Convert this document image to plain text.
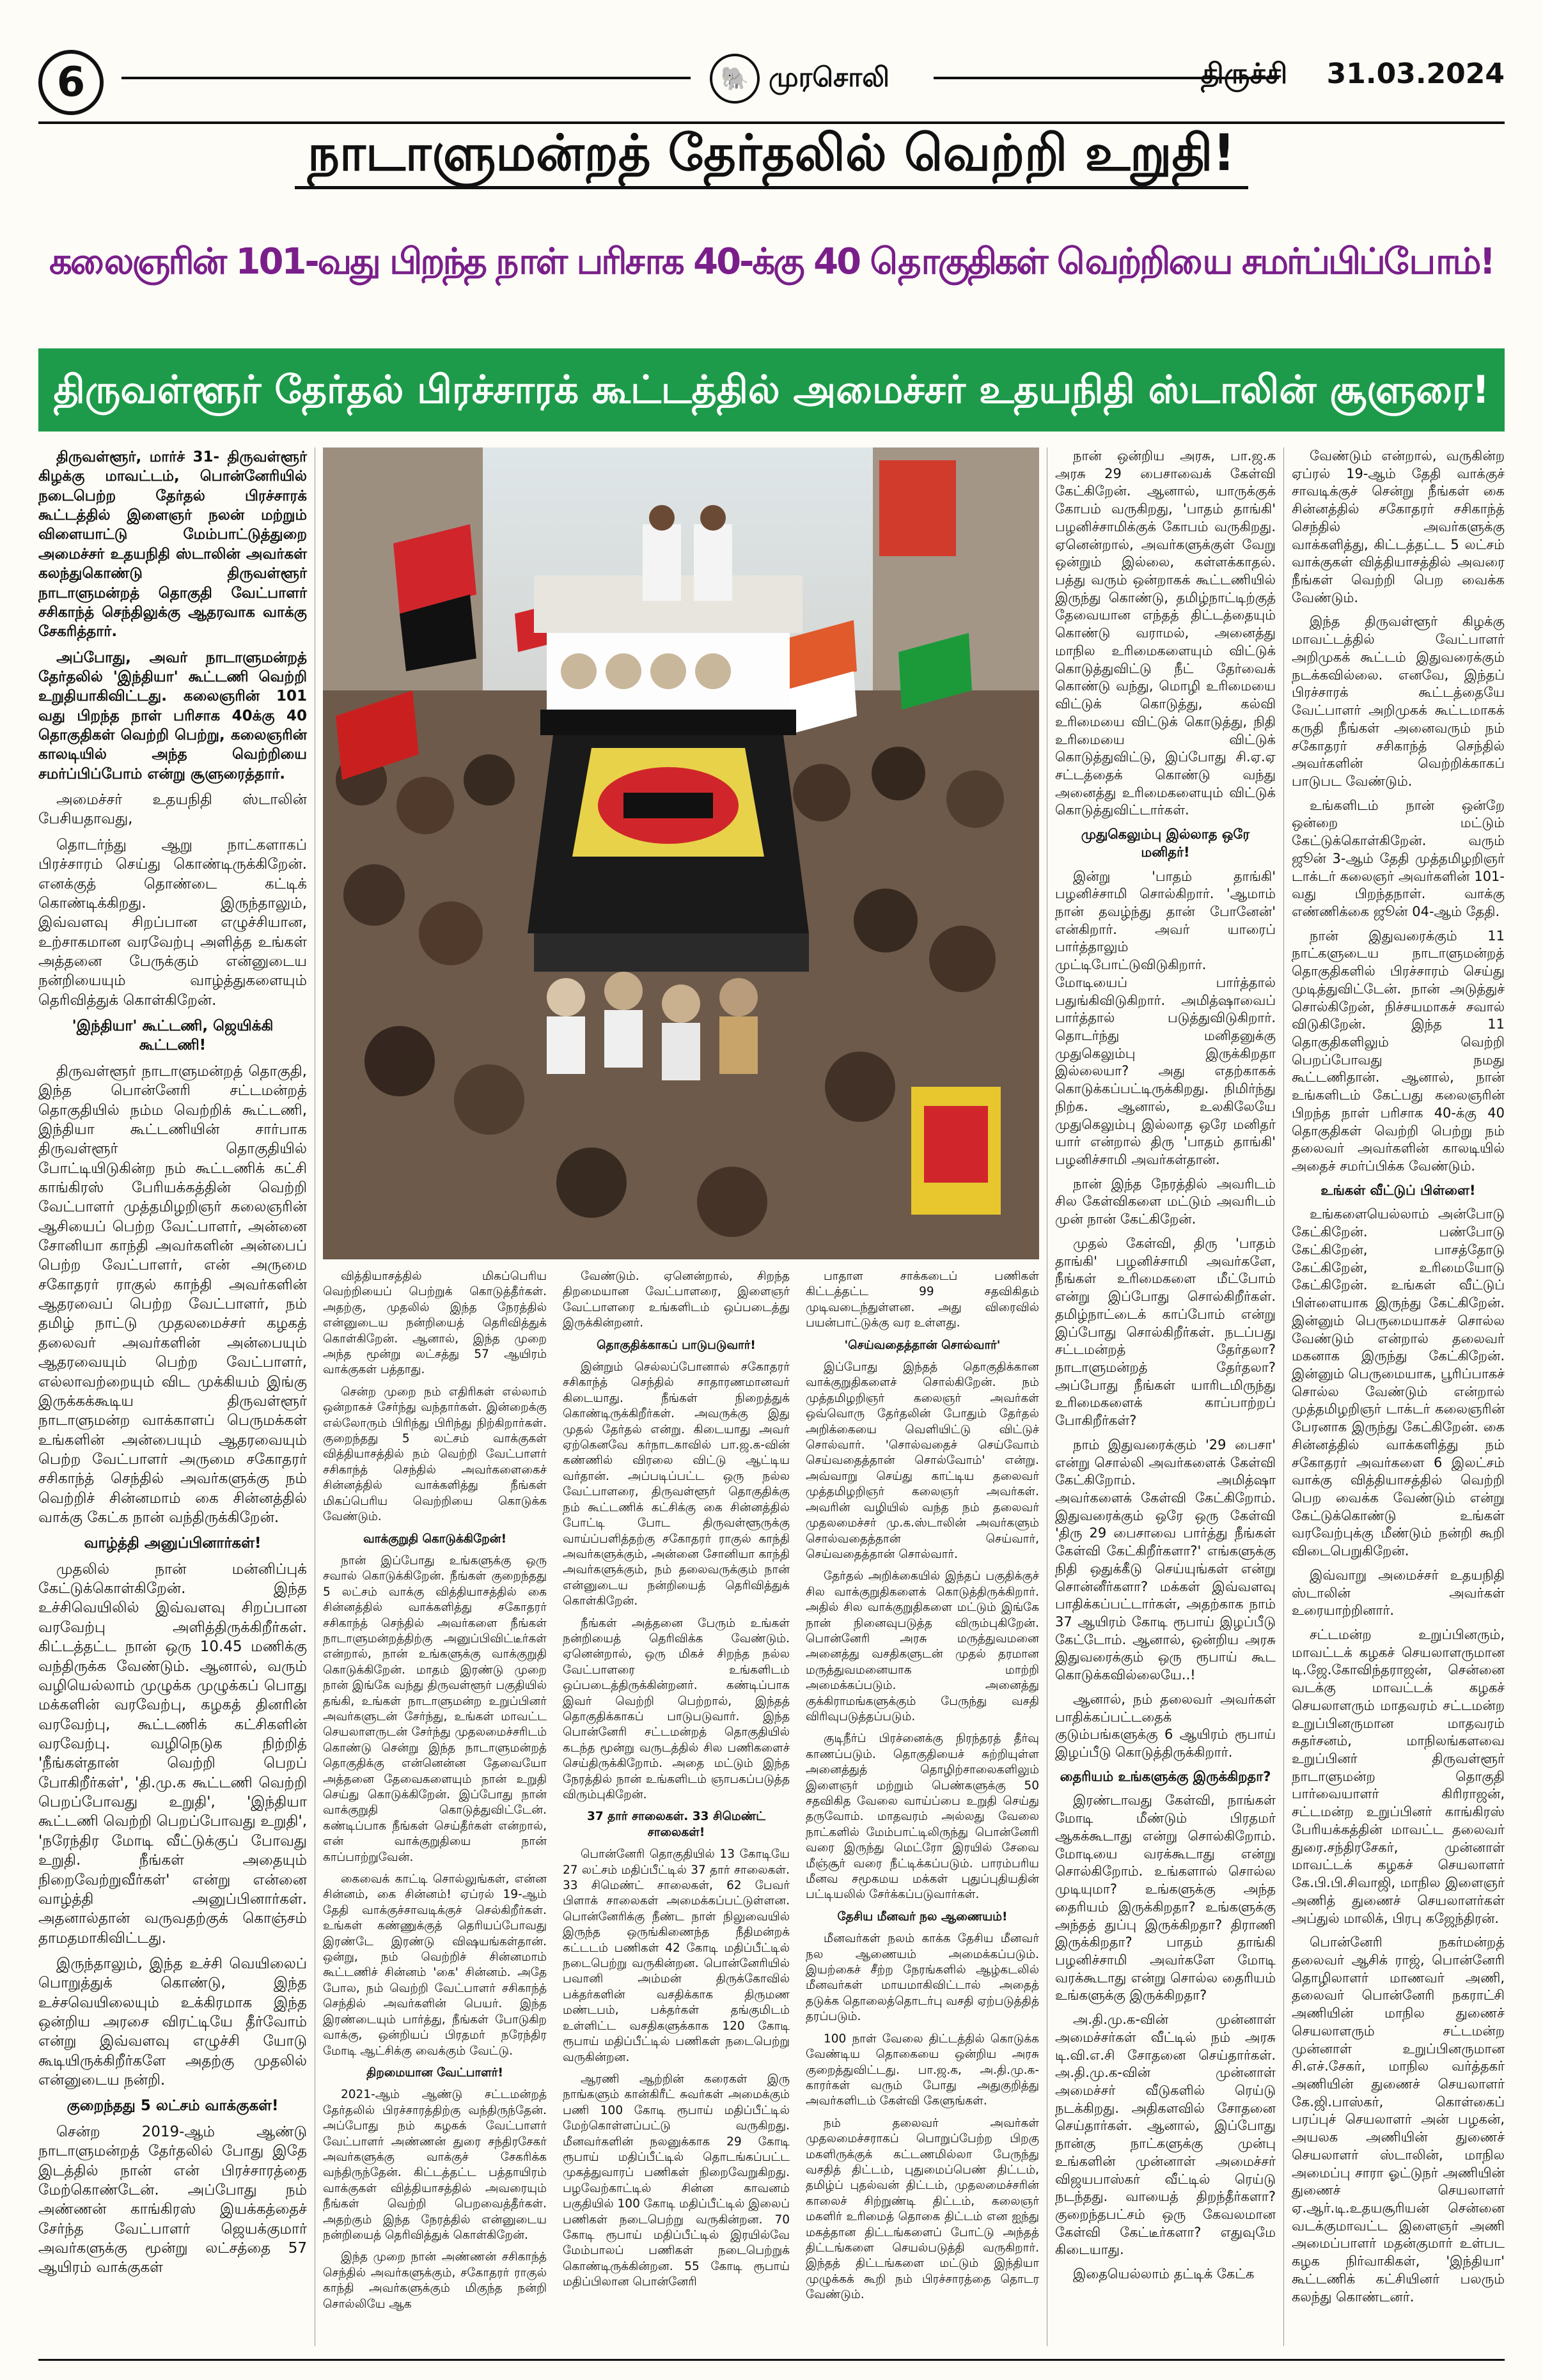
6	🐘 முரசொலி	திருச்சி 31.03.2024
நாடாளுமன்றத் தேர்தலில் வெற்றி உறுதி!
கலைஞரின் 101-வது பிறந்த நாள் பரிசாக 40-க்கு 40 தொகுதிகள் வெற்றியை சமர்ப்பிப்போம்!
திருவள்ளூர் தேர்தல் பிரச்சாரக் கூட்டத்தில் அமைச்சர் உதயநிதி ஸ்டாலின் சூளுரை!

திருவள்ளூர், மார்ச் 31- திருவள்ளூர் கிழக்கு மாவட்டம், பொன்னேரியில் நடைபெற்ற தேர்தல் பிரச்சாரக் கூட்டத்தில் இளைஞர் நலன் மற்றும் விளையாட்டு மேம்பாட்டுத்துறை அமைச்சர் உதயநிதி ஸ்டாலின் அவர்கள் கலந்துகொண்டு திருவள்ளூர் நாடாளுமன்றத் தொகுதி வேட்பாளர் சசிகாந்த் செந்திலுக்கு ஆதரவாக வாக்கு சேகரித்தார்.

அப்போது, அவர் நாடாளுமன்றத் தேர்தலில் 'இந்தியா' கூட்டணி வெற்றி உறுதியாகிவிட்டது. கலைஞரின் 101 வது பிறந்த நாள் பரிசாக 40க்கு 40 தொகுதிகள் வெற்றி பெற்று, கலைஞரின் காலடியில் அந்த வெற்றியை சமர்ப்பிப்போம் என்று சூளுரைத்தார்.

அமைச்சர் உதயநிதி ஸ்டாலின் பேசியதாவது,

தொடர்ந்து ஆறு நாட்களாகப் பிரச்சாரம் செய்து கொண்டிருக்கிறேன். எனக்குத் தொண்டை கட்டிக் கொண்டிக்கிறது. இருந்தாலும், இவ்வளவு சிறப்பான எழுச்சியான, உற்சாகமான வரவேற்பு அளித்த உங்கள் அத்தனை பேருக்கும் என்னுடைய நன்றியையும் வாழ்த்துகளையும் தெரிவித்துக் கொள்கிறேன்.

'இந்தியா' கூட்டணி, ஜெயிக்கி கூட்டணி!

திருவள்ளூர் நாடாளுமன்றத் தொகுதி, இந்த பொன்னேரி சட்டமன்றத் தொகுதியில் நம்ம வெற்றிக் கூட்டணி, இந்தியா கூட்டணியின் சார்பாக திருவள்ளூர் தொகுதியில் போட்டியிடுகின்ற நம் கூட்டணிக் கட்சி காங்கிரஸ் பேரியக்கத்தின் வெற்றி வேட்பாளர் முத்தமிழறிஞர் கலைஞரின் ஆசியைப் பெற்ற வேட்பாளர், அன்னை சோனியா காந்தி அவர்களின் அன்பைப் பெற்ற வேட்பாளர், என் அருமை சகோதரர் ராகுல் காந்தி அவர்களின் ஆதரவைப் பெற்ற வேட்பாளர், நம் தமிழ் நாட்டு முதலமைச்சர் கழகத் தலைவர் அவர்களின் அன்பையும் ஆதரவையும் பெற்ற வேட்பாளர், எல்லாவற்றையும் விட முக்கியம் இங்கு இருக்கக்கூடிய திருவள்ளூர் நாடாளுமன்ற வாக்காளப் பெருமக்கள் உங்களின் அன்பையும் ஆதரவையும் பெற்ற வேட்பாளர் அருமை சகோதரர் சசிகாந்த் செந்தில் அவர்களுக்கு நம் வெற்றிச் சின்னமாம் கை சின்னத்தில் வாக்கு கேட்க நான் வந்திருக்கிறேன்.

வாழ்த்தி அனுப்பினார்கள்!

முதலில் நான் மன்னிப்புக் கேட்டுக்கொள்கிறேன். இந்த உச்சிவெயிலில் இவ்வளவு சிறப்பான வரவேற்பு அளித்திருக்கிறீர்கள். கிட்டத்தட்ட நான் ஒரு 10.45 மணிக்கு வந்திருக்க வேண்டும். ஆனால், வரும் வழியெல்லாம் முழுக்க முழுக்கப் பொது மக்களின் வரவேற்பு, கழகத் தினரின் வரவேற்பு, கூட்டணிக் கட்சிகளின் வரவேற்பு. வழிநெடுக நிற்றித் 'நீங்கள்தான் வெற்றி பெறப் போகிறீர்கள்', 'தி.மு.க கூட்டணி வெற்றி பெறப்போவது உறுதி', 'இந்தியா கூட்டணி வெற்றி பெறப்போவது உறுதி', 'நரேந்திர மோடி வீட்டுக்குப் போவது உறுதி. நீங்கள் அதையும் நிறைவேற்றுவீர்கள்' என்று என்னை வாழ்த்தி அனுப்பினார்கள். அதனால்தான் வருவதற்குக் கொஞ்சம் தாமதமாகிவிட்டது.

இருந்தாலும், இந்த உச்சி வெயிலைப் பொறுத்துக் கொண்டு, இந்த உச்சவெயிலையும் உக்கிரமாக இந்த ஒன்றிய அரசை விரட்டியே தீர்வோம் என்று இவ்வளவு எழுச்சி யோடு கூடியிருக்கிறீர்களே அதற்கு முதலில் என்னுடைய நன்றி.

குறைந்தது 5 லட்சம் வாக்குகள்!

சென்ற 2019-ஆம் ஆண்டு நாடாளுமன்றத் தேர்தலில் போது இதே இடத்தில் நான் என் பிரச்சாரத்தை மேற்கொண்டேன். அப்போது நம் அண்ணன் காங்கிரஸ் இயக்கத்தைச் சேர்ந்த வேட்பாளர் ஜெயக்குமார் அவர்களுக்கு மூன்று லட்சத்தை 57 ஆயிரம் வாக்குகள்

வித்தியாசத்தில் மிகப்பெரிய வெற்றியைப் பெற்றுக் கொடுத்தீர்கள். அதற்கு, முதலில் இந்த நேரத்தில் என்னுடைய நன்றியைத் தெரிவித்துக் கொள்கிறேன். ஆனால், இந்த முறை அந்த மூன்று லட்சத்து 57 ஆயிரம் வாக்குகள் பத்தாது.

சென்ற முறை நம் எதிரிகள் எல்லாம் ஒன்றாகச் சேர்ந்து வந்தார்கள். இன்றைக்கு எல்லோரும் பிரிந்து பிரிந்து நிற்கிறார்கள். குறைந்தது 5 லட்சம் வாக்குகள் வித்தியாசத்தில் நம் வெற்றி வேட்பாளர் சசிகாந்த் செந்தில் அவர்களைகைச் சின்னத்தில் வாக்களித்து நீங்கள் மிகப்பெரிய வெற்றியை கொடுக்க வேண்டும்.

வாக்குறுதி கொடுக்கிறேன்!

நான் இப்போது உங்களுக்கு ஒரு சவால் கொடுக்கிறேன். நீங்கள் குறைந்தது 5 லட்சம் வாக்கு வித்தியாசத்தில் கை சின்னத்தில் வாக்களித்து சகோதரர் சசிகாந்த் செந்தில் அவர்களை நீங்கள் நாடாளுமன்றத்திற்கு அனுப்பிவிட்டீர்கள் என்றால், நான் உங்களுக்கு வாக்குறுதி கொடுக்கிறேன். மாதம் இரண்டு முறை நான் இங்கே வந்து திருவள்ளூர் பகுதியில் தங்கி, உங்கள் நாடாளுமன்ற உறுப்பினர் அவர்களுடன் சேர்ந்து, உங்கள் மாவட்ட செயலாளருடன் சேர்ந்து முதலமைச்சரிடம் கொண்டு சென்று இந்த நாடாளுமன்றத் தொகுதிக்கு என்னென்ன தேவையோ அத்தனை தேவைகளையும் நான் உறுதி செய்து கொடுக்கிறேன். இப்போது நான் வாக்குறுதி கொடுத்துவிட்டேன். கண்டிப்பாக நீங்கள் செய்தீர்கள் என்றால், என் வாக்குறுதியை நான் காப்பாற்றுவேன்.

கைவைக் காட்டி சொல்லுங்கள், என்ன சின்னம், கை சின்னம்! ஏப்ரல் 19-ஆம் தேதி வாக்குச்சாவடிக்குச் செல்கிறீர்கள். உங்கள் கண்ணுக்குத் தெரியப்போவது இரண்டே இரண்டு விஷயங்கள்தான். ஒன்று, நம் வெற்றிச் சின்னமாம் கூட்டணிச் சின்னம் 'கை' சின்னம். அதே போல, நம் வெற்றி வேட்பாளர் சசிகாந்த் செந்தில் அவர்களின் பெயர். இந்த இரண்டையும் பார்த்து, நீங்கள் போடுகிற வாக்கு, ஒன்றியப் பிரதமர் நரேந்திர மோடி ஆட்சிக்கு வைக்கும் வேட்டு.

திறமையான வேட்பாளர்!

2021-ஆம் ஆண்டு சட்டமன்றத் தேர்தலில் பிரச்சாரத்திற்கு வந்திருந்தேன். அப்போது நம் கழகக் வேட்பாளர் வேட்பாளர் அண்ணன் துரை சந்திரசேகர் அவர்களுக்கு வாக்குச் சேகரிக்க வந்திருந்தேன். கிட்டத்தட்ட பத்தாயிரம் வாக்குகள் வித்தியாசத்தில் அவரையும் நீங்கள் வெற்றி பெறவைத்தீர்கள். அதற்கும் இந்த நேரத்தில் என்னுடைய நன்றியைத் தெரிவித்துக் கொள்கிறேன்.

இந்த முறை நான் அண்ணன் சசிகாந்த் செந்தில் அவர்களுக்கும், சகோதரர் ராகுல் காந்தி அவர்களுக்கும் மிகுந்த நன்றி சொல்லியே ஆக

வேண்டும். ஏனென்றால், சிறந்த திறமையான வேட்பாளரை, இளைஞர் வேட்பாளரை உங்களிடம் ஒப்படைத்து இருக்கின்றனர்.

தொகுதிக்காகப் பாடுபடுவார்!

இன்றும் செல்லப்போனால் சகோதரர் சசிகாந்த் செந்தில் சாதாரணமானவர் கிடையாது. நீங்கள் நிறைத்துக் கொண்டிருக்கிறீர்கள். அவருக்கு இது முதல் தேர்தல் என்று. கிடையாது அவர் ஏற்கெனவே கர்நாடகாவில் பா.ஜ.க-வின் கண்ணில் விரலை விட்டு ஆட்டிய வர்தான். அப்படிப்பட்ட ஒரு நல்ல வேட்பாளரை, திருவள்ளூர் தொகுதிக்கு நம் கூட்டணிக் கட்சிக்கு கை சின்னத்தில் போட்டி போட திருவள்ளூருக்கு வாய்ப்பளித்தற்கு சகோதரர் ராகுல் காந்தி அவர்களுக்கும், அன்னை சோனியா காந்தி அவர்களுக்கும், நம் தலைவருக்கும் நான் என்னுடைய நன்றியைத் தெரிவித்துக் கொள்கிறேன்.

நீங்கள் அத்தனை பேரும் உங்கள் நன்றியைத் தெரிவிக்க வேண்டும். ஏனென்றால், ஒரு மிகச் சிறந்த நல்ல வேட்பாளரை உங்களிடம் ஒப்படைத்திருக்கின்றனர். கண்டிப்பாக இவர் வெற்றி பெற்றால், இந்தத் தொகுதிக்காகப் பாடுபடுவார். இந்த பொன்னேரி சட்டமன்றத் தொகுதியில் கடந்த மூன்று வருடத்தில் சில பணிகளைச் செய்திருக்கிறோம். அதை மட்டும் இந்த நேரத்தில் நான் உங்களிடம் ஞாபகப்படுத்த விரும்புகிறேன்.

37 தார் சாலைகள். 33 சிமெண்ட் சாலைகள்!

பொன்னேரி தொகுதியில் 13 கோடியே 27 லட்சம் மதிப்பீட்டில் 37 தார் சாலைகள். 33 சிமெண்ட் சாலைகள், 62 பேவர் பிளாக் சாலைகள் அமைக்கப்பட்டுள்ளன. பொன்னேரிக்கு நீண்ட நாள் நிலுவையில் இருந்த ஒருங்கிணைந்த நீதிமன்றக் கட்டடம் பணிகள் 42 கோடி மதிப்பீட்டில் நடைபெற்று வருகின்றன. பொன்னேரியில் பவானி அம்மன் திருக்கோவில் பக்தர்களின் வசதிக்காக திருமண மண்டபம், பக்தர்கள் தங்குமிடம் உள்ளிட்ட வசதிகளுக்காக 120 கோடி ரூபாய் மதிப்பீட்டில் பணிகள் நடைபெற்று வருகின்றன.

ஆரணி ஆற்றின் கரைகள் இரு நாங்களும் கான்கிரீட் சுவர்கள் அமைக்கும் பணி 100 கோடி ரூபாய் மதிப்பீட்டில் மேற்கொள்ளப்பட்டு வருகிறது. மீனவர்களின் நலனுக்காக 29 கோடி ரூபாய் மதிப்பீட்டில் தொடங்கப்பட்ட முகத்துவாரப் பணிகள் நிறைவேறுகிறது. பழவேற்காட்டில் சின்ன காவனம் பகுதியில் 100 கோடி மதிப்பீட்டில் இலைப் பணிகள் நடைபெற்று வருகின்றன. 70 கோடி ரூபாய் மதிப்பீட்டில் இரயில்வே மேம்பாலப் பணிகள் நடைபெற்றுக் கொண்டிருக்கின்றன. 55 கோடி ரூபாய் மதிப்பிலான பொன்னேரி

பாதாள சாக்கடைப் பணிகள் கிட்டத்தட்ட 99 சதவிகிதம் முடிவடைந்துள்ளன. அது விரைவில் பயன்பாட்டுக்கு வர உள்ளது.

'செய்வதைத்தான் சொல்வார்'

இப்போது இந்தத் தொகுதிக்கான வாக்குறுதிகளைச் சொல்கிறேன். நம் முத்தமிழறிஞர் கலைஞர் அவர்கள் ஒவ்வொரு தேர்தலின் போதும் தேர்தல் அறிக்கையை வெளியிட்டு விட்டுச் சொல்வார். 'சொல்வதைச் செய்வோம் செய்வதைத்தான் சொல்வோம்' என்று. அவ்வாறு செய்து காட்டிய தலைவர் முத்தமிழறிஞர் கலைஞர் அவர்கள். அவரின் வழியில் வந்த நம் தலைவர் முதலமைச்சர் மு.க.ஸ்டாலின் அவர்களும் சொல்வதைத்தான் செய்வார், செய்வதைத்தான் சொல்வார்.

தேர்தல் அறிக்கையில் இந்தப் பகுதிக்குச் சில வாக்குறுதிகளைக் கொடுத்திருக்கிறார். அதில் சில வாக்குறுதிகளை மட்டும் இங்கே நான் நினைவுபடுத்த விரும்புகிறேன். பொன்னேரி அரசு மருத்துவமனை அனைத்து வசதிகளுடன் முதல் தரமான மருத்துவமனையாக மாற்றி அமைக்கப்படும். அனைத்து குக்கிராமங்களுக்கும் பேருந்து வசதி விரிவுபடுத்தப்படும்.

குடிநீர்ப் பிரச்னைக்கு நிரந்தரத் தீர்வு காணப்படும். தொகுதியைச் சுற்றியுள்ள அனைத்துத் தொழிற்சாலைகளிலும் இளைஞர் மற்றும் பெண்களுக்கு 50 சதவிகித வேலை வாய்ப்பை உறுதி செய்து தருவோம். மாதவரம் அல்லது வேலை நாட்களில் மேம்பாட்டிலிருந்து பொன்னேரி வரை இருந்து மெட்ரோ இரயில் சேவை மீஞ்சூர் வரை நீட்டிக்கப்படும். பாரம்பரிய மீனவ சமூகமய மக்கள் புதுப்புதியதின் பட்டியலில் சேர்க்கப்படுவார்கள்.

தேசிய மீனவர் நல ஆணையம்!

மீனவர்கள் நலம் காக்க தேசிய மீனவர் நல ஆணையம் அமைக்கப்படும். இயற்கைச் சீற்ற நேரங்களில் ஆழ்கடலில் மீனவர்கள் மாயமாகிவிட்டால் அதைத் தடுக்க தொலைத்தொடர்பு வசதி ஏற்படுத்தித் தரப்படும்.

100 நாள் வேலை திட்டத்தில் கொடுக்க வேண்டிய தொகையை ஒன்றிய அரசு குறைத்துவிட்டது. பா.ஜ.க, அ.தி.மு.க-காரர்கள் வரும் போது அதுகுறித்து அவர்களிடம் கேள்வி கேளுங்கள்.

நம் தலைவர் அவர்கள் முதலமைச்சராகப் பொறுப்பேற்ற பிறகு மகளிருக்குக் கட்டணமில்லா பேருந்து வசதித் திட்டம், புதுமைப்பெண் திட்டம், தமிழ்ப் புதல்வன் திட்டம், முதலமைச்சரின் காலைச் சிற்றுண்டி திட்டம், கலைஞர் மகளிர் உரிமைத் தொகை திட்டம் என ஐந்து மகத்தான திட்டங்களைப் போட்டு அந்தத் திட்டங்களை செயல்படுத்தி வருகிறார். இந்தத் திட்டங்களை மட்டும் இந்தியா முழுக்கக் கூறி நம் பிரச்சாரத்தை தொடர வேண்டும்.

நான் ஒன்றிய அரசு, பா.ஜ.க அரசு 29 பைசாவைக் கேள்வி கேட்கிறேன். ஆனால், யாருக்குக் கோபம் வருகிறது, 'பாதம் தாங்கி' பழனிச்சாமிக்குக் கோபம் வருகிறது. ஏனென்றால், அவர்களுக்குள் வேறு ஒன்றும் இல்லை, கள்ளக்காதல். பத்து வரும் ஒன்றாகக் கூட்டணியில் இருந்து கொண்டு, தமிழ்நாட்டிற்குத் தேவையான எந்தத் திட்டத்தையும் கொண்டு வராமல், அனைத்து மாநில உரிமைகளையும் விட்டுக் கொடுத்துவிட்டு நீட் தேர்வைக் கொண்டு வந்து, மொழி உரிமையை விட்டுக் கொடுத்து, கல்வி உரிமையை விட்டுக் கொடுத்து, நிதி உரிமையை விட்டுக் கொடுத்துவிட்டு, இப்போது சி.ஏ.ஏ சட்டத்தைக் கொண்டு வந்து அனைத்து உரிமைகளையும் விட்டுக் கொடுத்துவிட்டார்கள்.

முதுகெலும்பு இல்லாத ஒரே மனிதர்!

இன்று 'பாதம் தாங்கி' பழனிச்சாமி சொல்கிறார். 'ஆமாம் நான் தவழ்ந்து தான் போனேன்' என்கிறார். அவர் யாரைப் பார்த்தாலும் முட்டிபோட்டுவிடுகிறார். மோடியைப் பார்த்தால் பதுங்கிவிடுகிறார். அமித்ஷாவைப் பார்த்தால் படுத்துவிடுகிறார். தொடர்ந்து மனிதனுக்கு முதுகெலும்பு இருக்கிறதா இல்லையா? அது எதற்காகக் கொடுக்கப்பட்டிருக்கிறது. நிமிர்ந்து நிற்க. ஆனால், உலகிலேயே முதுகெலும்பு இல்லாத ஒரே மனிதர் யார் என்றால் திரு 'பாதம் தாங்கி' பழனிச்சாமி அவர்கள்தான்.

நான் இந்த நேரத்தில் அவரிடம் சில கேள்விகளை மட்டும் அவரிடம் முன் நான் கேட்கிறேன்.

முதல் கேள்வி, திரு 'பாதம் தாங்கி' பழனிச்சாமி அவர்களே, நீங்கள் உரிமைகளை மீட்போம் என்று இப்போது சொல்கிறீர்கள். தமிழ்நாட்டைக் காப்போம் என்று இப்போது சொல்கிறீர்கள். நடப்பது சட்டமன்றத் தேர்தலா? நாடாளுமன்றத் தேர்தலா? அப்போது நீங்கள் யாரிடமிருந்து உரிமைகளைக் காப்பாற்றப் போகிறீர்கள்?

நாம் இதுவரைக்கும் '29 பைசா' என்று சொல்லி அவர்களைக் கேள்வி கேட்கிறோம். அமித்ஷா அவர்களைக் கேள்வி கேட்கிறோம். இதுவரைக்கும் ஒரே ஒரு கேள்வி 'திரு 29 பைசாவை பார்த்து நீங்கள் கேள்வி கேட்கிறீர்களா?' எங்களுக்கு நிதி ஒதுக்கீடு செய்யுங்கள் என்று சொன்னீர்களா? மக்கள் இவ்வளவு பாதிக்கப்பட்டார்கள், அதற்காக நாம் 37 ஆயிரம் கோடி ரூபாய் இழப்பீடு கேட்டோம். ஆனால், ஒன்றிய அரசு இதுவரைக்கும் ஒரு ரூபாய் கூட கொடுக்கவில்லையே..!

ஆனால், நம் தலைவர் அவர்கள் பாதிக்கப்பட்டதைக் குடும்பங்களுக்கு 6 ஆயிரம் ரூபாய் இழப்பீடு கொடுத்திருக்கிறார்.

தைரியம் உங்களுக்கு இருக்கிறதா?

இரண்டாவது கேள்வி, நாங்கள் மோடி மீண்டும் பிரதமர் ஆகக்கூடாது என்று சொல்கிறோம். மோடியை வரக்கூடாது என்று சொல்கிறோம். உங்களால் சொல்ல முடியுமா? உங்களுக்கு அந்த தைரியம் இருக்கிறதா? உங்களுக்கு அந்தத் துப்பு இருக்கிறதா? திராணி இருக்கிறதா? பாதம் தாங்கி பழனிச்சாமி அவர்களே மோடி வரக்கூடாது என்று சொல்ல தைரியம் உங்களுக்கு இருக்கிறதா?

அ.தி.மு.க-வின் முன்னாள் அமைச்சர்கள் வீட்டில் நம் அரசு டி.வி.எ.சி சோதனை செய்தார்கள். அ.தி.மு.க-வின் முன்னாள் அமைச்சர் வீடுகளில் ரெய்டு நடக்கிறது. அதிகளவில் சோதனை செய்தார்கள். ஆனால், இப்போது நான்கு நாட்களுக்கு முன்பு உங்களின் முன்னாள் அமைச்சர் விஜயபாஸ்கர் வீட்டில் ரெய்டு நடந்தது. வாயைத் திறந்தீர்களா? குறைந்தபட்சம் ஒரு கேவலமான கேள்வி கேட்டீர்களா? எதுவுமே கிடையாது.

இதையெல்லாம் தட்டிக் கேட்க

வேண்டும் என்றால், வருகின்ற ஏப்ரல் 19-ஆம் தேதி வாக்குச் சாவடிக்குச் சென்று நீங்கள் கை சின்னத்தில் சகோதரர் சசிகாந்த் செந்தில் அவர்களுக்கு வாக்களித்து, கிட்டத்தட்ட 5 லட்சம் வாக்குகள் வித்தியாசத்தில் அவரை நீங்கள் வெற்றி பெற வைக்க வேண்டும்.

இந்த திருவள்ளூர் கிழக்கு மாவட்டத்தில் வேட்பாளர் அறிமுகக் கூட்டம் இதுவரைக்கும் நடக்கவில்லை. எனவே, இந்தப் பிரச்சாரக் கூட்டத்தையே வேட்பாளர் அறிமுகக் கூட்டமாகக் கருதி நீங்கள் அனைவரும் நம் சகோதரர் சசிகாந்த் செந்தில் அவர்களின் வெற்றிக்காகப் பாடுபட வேண்டும்.

உங்களிடம் நான் ஒன்றே ஒன்றை மட்டும் கேட்டுக்கொள்கிறேன். வரும் ஜூன் 3-ஆம் தேதி முத்தமிழறிஞர் டாக்டர் கலைஞர் அவர்களின் 101-வது பிறந்தநாள். வாக்கு எண்ணிக்கை ஜூன் 04-ஆம் தேதி.

நான் இதுவரைக்கும் 11 நாட்களுடைய நாடாளுமன்றத் தொகுதிகளில் பிரச்சாரம் செய்து முடித்துவிட்டேன். நான் அடுத்துச் சொல்கிறேன், நிச்சயமாகச் சவால் விடுகிறேன். இந்த 11 தொகுதிகளிலும் வெற்றி பெறப்போவது நமது கூட்டணிதான். ஆனால், நான் உங்களிடம் கேட்பது கலைஞரின் பிறந்த நாள் பரிசாக 40-க்கு 40 தொகுதிகள் வெற்றி பெற்று நம் தலைவர் அவர்களின் காலடியில் அதைச் சமர்ப்பிக்க வேண்டும்.

உங்கள் வீட்டுப் பிள்ளை!

உங்களையெல்லாம் அன்போடு கேட்கிறேன். பண்போடு கேட்கிறேன், பாசத்தோடு கேட்கிறேன், உரிமையோடு கேட்கிறேன். உங்கள் வீட்டுப் பிள்ளையாக இருந்து கேட்கிறேன். இன்னும் பெருமையாகச் சொல்ல வேண்டும் என்றால் தலைவர் மகனாக இருந்து கேட்கிறேன். இன்னும் பெருமையாக, பூரிப்பாகச் சொல்ல வேண்டும் என்றால் முத்தமிழறிஞர் டாக்டர் கலைஞரின் பேரனாக இருந்து கேட்கிறேன். கை சின்னத்தில் வாக்களித்து நம் சகோதரர் அவர்களை 6 இலட்சம் வாக்கு வித்தியாசத்தில் வெற்றி பெற வைக்க வேண்டும் என்று கேட்டுக்கொண்டு உங்கள் வரவேற்புக்கு மீண்டும் நன்றி கூறி விடைபெறுகிறேன்.

இவ்வாறு அமைச்சர் உதயநிதி ஸ்டாலின் அவர்கள் உரையாற்றினார்.

சட்டமன்ற உறுப்பினரும், மாவட்டக் கழகச் செயலாளருமான டி.ஜே.கோவிந்தராஜன், சென்னை வடக்கு மாவட்டக் கழகச் செயலாளரும் மாதவரம் சட்டமன்ற உறுப்பினருமான மாதவரம் சுதர்சனம், மாநிலங்களவை உறுப்பினர் திருவள்ளூர் நாடாளுமன்ற தொகுதி பார்வையாளர் கிரிராஜன், சட்டமன்ற உறுப்பினர் காங்கிரஸ் பேரியக்கத்தின் மாவட்ட தலைவர் துரை.சந்திரசேகர், முன்னாள் மாவட்டக் கழகச் செயலாளர் கே.பி.பி.சிவாஜி, மாநில இளைஞர் அணித் துணைச் செயலாளர்கள் அப்துல் மாலிக், பிரபு கஜேந்திரன்.

பொன்னேரி நகர்மன்றத் தலைவர் ஆசிக் ராஜ், பொன்னேரி தொழிலாளர் மாணவர் அணி, தலைவர் பொன்னேரி நகராட்சி அணியின் மாநில துணைச் செயலாளரும் சட்டமன்ற முன்னாள் உறுப்பினருமான சி.எச்.சேகர், மாநில வர்த்தகர் அணியின் துணைச் செயலாளர் கே.ஜி.பாஸ்கர், கொள்கைப் பரப்புச் செயலாளர் அன் பழகன், அயலக அணியின் துணைச் செயலாளர் ஸ்டாலின், மாநில அமைப்பு சாரா ஓட்டுநர் அணியின் துணைச் செயலாளர் ஏ.ஆர்.டி.உதயசூரியன் சென்னை வடக்குமாவட்ட இளைஞர் அணி அமைப்பாளர் மதன்குமார் உள்பட கழக நிர்வாகிகள், 'இந்தியா' கூட்டணிக் கட்சியினர் பலரும் கலந்து கொண்டனர்.
